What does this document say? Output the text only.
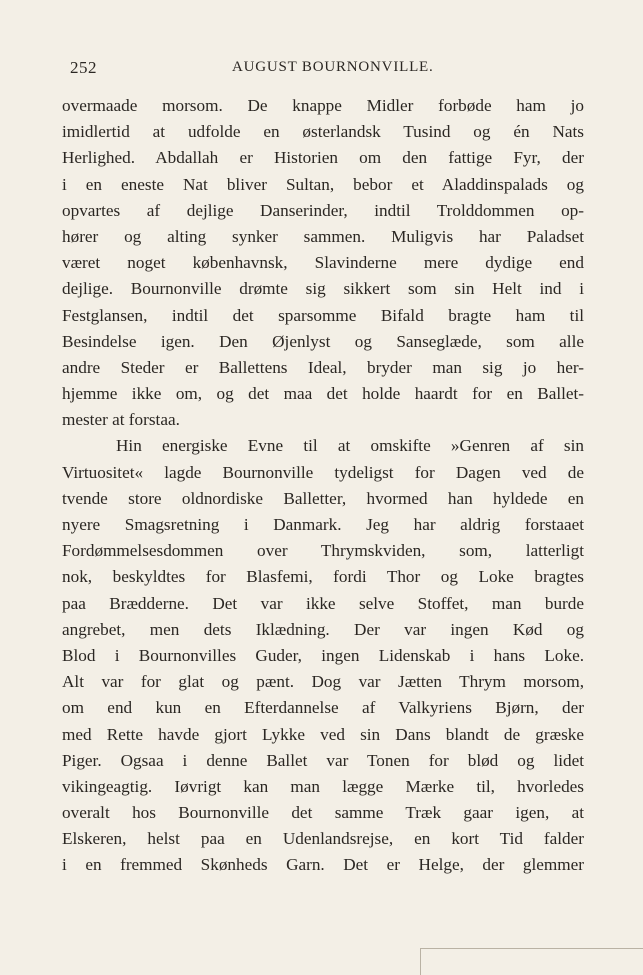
252	AUGUST BOURNONVILLE.
overmaade morsom. De knappe Midler forbøde ham jo
imidlertid at udfolde en østerlandsk Tusind og én Nats
Herlighed. Abdallah er Historien om den fattige Fyr, der
i en eneste Nat bliver Sultan, bebor et Aladdinspalads og
opvartes af dejlige Danserinder, indtil Trolddommen op-
hører og alting synker sammen. Muligvis har Paladset
været noget københavnsk, Slavinderne mere dydige end
dejlige. Bournonville drømte sig sikkert som sin Helt ind i
Festglansen, indtil det sparsomme Bifald bragte ham til
Besindelse igen. Den Øjenlyst og Sanseglæde, som alle
andre Steder er Ballettens Ideal, bryder man sig jo her-
hjemme ikke om, og det maa det holde haardt for en Ballet-
mester at forstaa.
Hin energiske Evne til at omskifte »Genren af sin
Virtuositet« lagde Bournonville tydeligst for Dagen ved de
tvende store oldnordiske Balletter, hvormed han hyldede en
nyere Smagsretning i Danmark. Jeg har aldrig forstaaet
Fordømmelsesdommen over Thrymskviden, som, latterligt
nok, beskyldtes for Blasfemi, fordi Thor og Loke bragtes
paa Brædderne. Det var ikke selve Stoffet, man burde
angrebet, men dets Iklædning. Der var ingen Kød og
Blod i Bournonvilles Guder, ingen Lidenskab i hans Loke.
Alt var for glat og pænt. Dog var Jætten Thrym morsom,
om end kun en Efterdannelse af Valkyriens Bjørn, der
med Rette havde gjort Lykke ved sin Dans blandt de græske
Piger. Ogsaa i denne Ballet var Tonen for blød og lidet
vikingeagtig. Iøvrigt kan man lægge Mærke til, hvorledes
overalt hos Bournonville det samme Træk gaar igen, at
Elskeren, helst paa en Udenlandsrejse, en kort Tid falder
i en fremmed Skønheds Garn. Det er Helge, der glemmer
